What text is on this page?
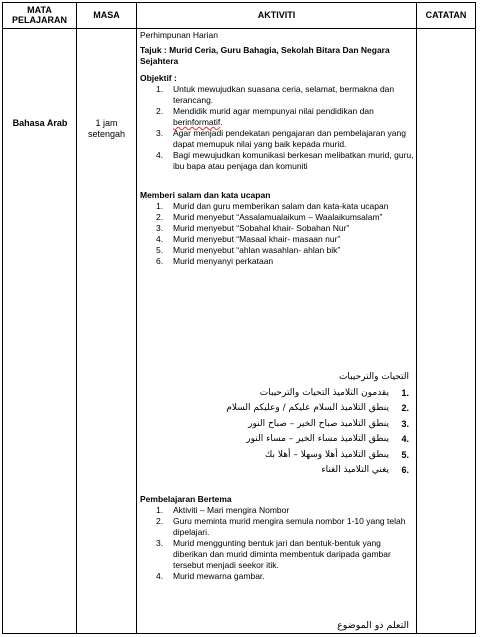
MATA PELAJARAN	MASA	AKTIVITI	CATATAN
Bahasa Arab	1 jam setengah
Perhimpunan Harian
Tajuk : Murid Ceria, Guru Bahagia, Sekolah Bitara Dan Negara Sejahtera
Objektif :
1. Untuk mewujudkan suasana ceria, selamat, bermakna dan terancang.
2. Mendidik murid agar mempunyai nilai pendidikan dan berinformatif.
3. Agar menjadi pendekatan pengajaran dan pembelajaran yang dapat memupuk nilai yang baik kepada murid.
4. Bagi mewujudkan komunikasi berkesan melibatkan murid, guru, ibu bapa atau penjaga dan komuniti
Memberi salam dan kata ucapan
1. Murid dan guru memberikan salam dan kata-kata ucapan
2. Murid menyebut “Assalamualaikum – Waalaikumsalam”
3. Murid menyebut “Sobahal khair- Sobahan Nur”
4. Murid menyebut “Masaal khair- masaan nur”
5. Murid menyebut “ahlan wasahlan- ahlan bik”
6. Murid menyanyi perkataan
التحيات والترحيبات
.1
يقدمون التلاميذ التحيات والترحيبات
.2
ينطق التلاميذ السلام عليكم / وعليكم السلام
.3
ينطق التلاميذ صباح الخير – صباح النور
.4
ينطق التلاميذ مساء الخير – مساء النور
.5
ينطق التلاميذ أهلا وسهلا – أهلا بك
.6
يغني التلاميذ الغناء
Pembelajaran Bertema
1. Aktiviti – Mari mengira Nombor
2. Guru meminta murid mengira semula nombor 1-10 yang telah dipelajari.
3. Murid menggunting bentuk jari dan bentuk-bentuk yang diberikan dan murid diminta membentuk daripada gambar tersebut menjadi seekor itik.
4. Murid mewarna gambar.
التعلم ذو الموضوع
